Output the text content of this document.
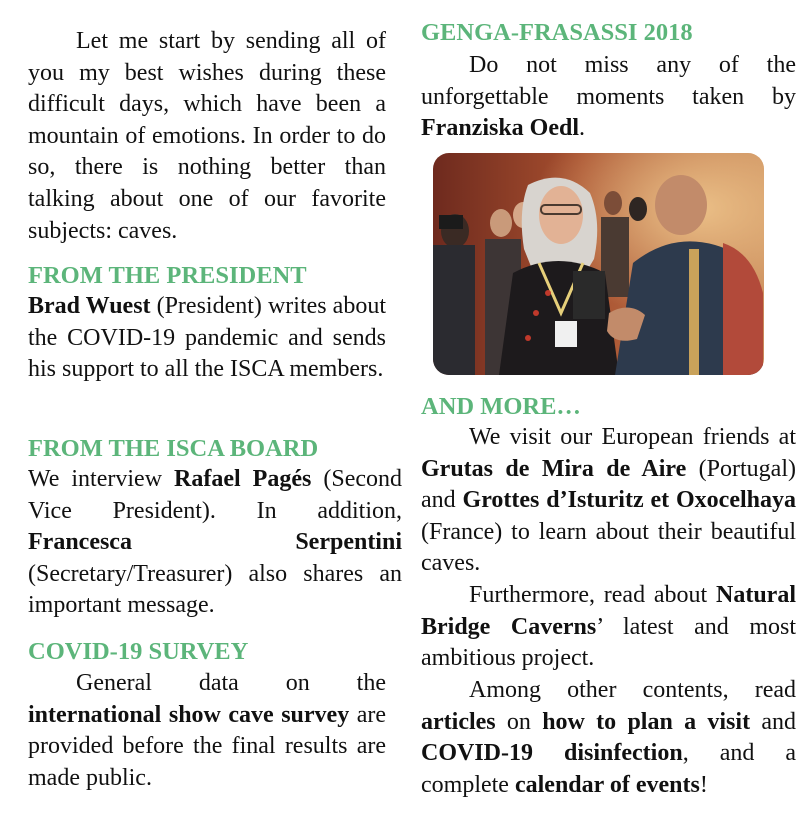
Let me start by sending all of you my best wishes during these difficult days, which have been a mountain of emotions. In order to do so, there is nothing better than talking about one of our favorite subjects: caves.

FROM THE PRESIDENT

Brad Wuest (President) writes about the COVID-19 pandemic and sends his support to all the ISCA members.

FROM THE ISCA BOARD

We interview Rafael Pagés (Second Vice President). In addition, Francesca Serpentini (Secretary/Treasurer) also shares an important message.

COVID-19 SURVEY

General data on the international show cave survey are provided before the final results are made public.

GENGA-FRASASSI 2018

Do not miss any of the unforgettable moments taken by Franziska Oedl.

AND MORE…

We visit our European friends at Grutas de Mira de Aire (Portugal) and Grottes d’Isturitz et Oxocelhaya (France) to learn about their beautiful caves.

Furthermore, read about Natural Bridge Caverns’ latest and most ambitious project.

Among other contents, read articles on how to plan a visit and COVID-19 disinfection, and a complete calendar of events!
